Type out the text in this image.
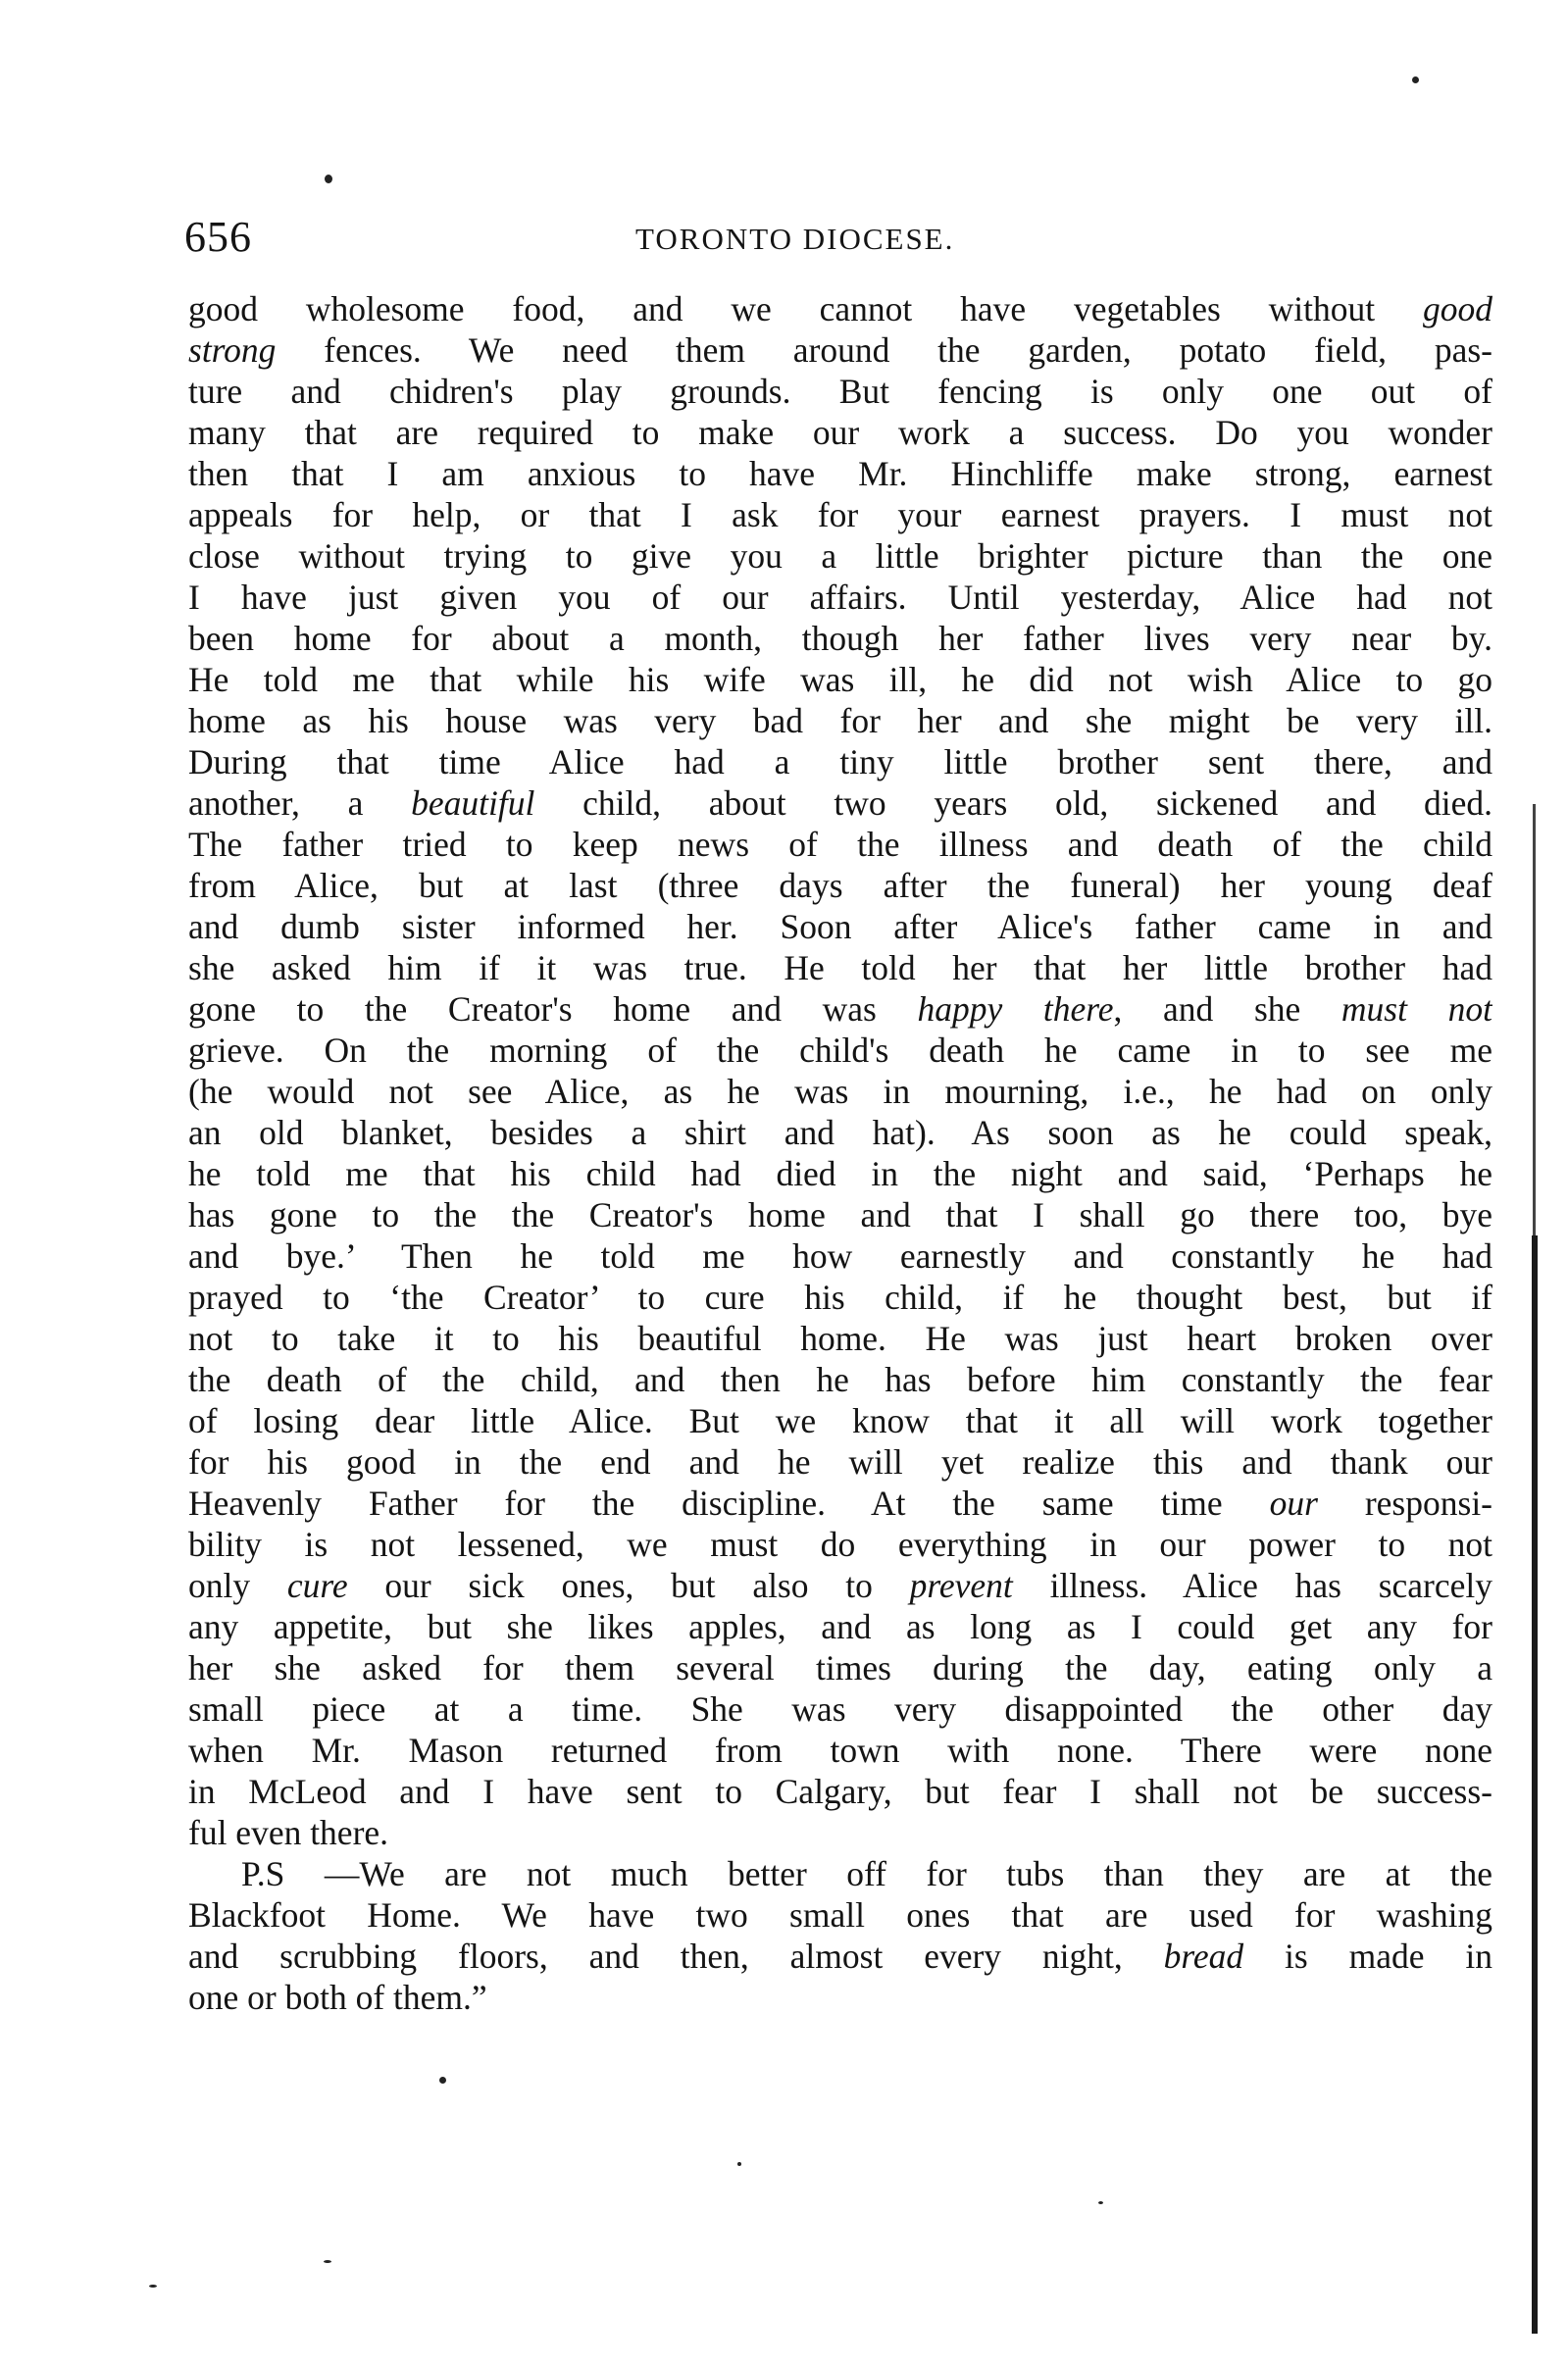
656	TORONTO DIOCESE.
good wholesome food, and we cannot have vegetables without good
strong fences. We need them around the garden, potato field, pas-
ture and chidren's play grounds. But fencing is only one out of
many that are required to make our work a success. Do you wonder
then that I am anxious to have Mr. Hinchliffe make strong, earnest
appeals for help, or that I ask for your earnest prayers. I must not
close without trying to give you a little brighter picture than the one
I have just given you of our affairs. Until yesterday, Alice had not
been home for about a month, though her father lives very near by.
He told me that while his wife was ill, he did not wish Alice to go
home as his house was very bad for her and she might be very ill.
During that time Alice had a tiny little brother sent there, and
another, a beautiful child, about two years old, sickened and died.
The father tried to keep news of the illness and death of the child
from Alice, but at last (three days after the funeral) her young deaf
and dumb sister informed her. Soon after Alice's father came in and
she asked him if it was true. He told her that her little brother had
gone to the Creator's home and was happy there, and she must not
grieve. On the morning of the child's death he came in to see me
(he would not see Alice, as he was in mourning, i.e., he had on only
an old blanket, besides a shirt and hat). As soon as he could speak,
he told me that his child had died in the night and said, ‘Perhaps he
has gone to the the Creator's home and that I shall go there too, bye
and bye.’ Then he told me how earnestly and constantly he had
prayed to ‘the Creator’ to cure his child, if he thought best, but if
not to take it to his beautiful home. He was just heart broken over
the death of the child, and then he has before him constantly the fear
of losing dear little Alice. But we know that it all will work together
for his good in the end and he will yet realize this and thank our
Heavenly Father for the discipline. At the same time our responsi-
bility is not lessened, we must do everything in our power to not
only cure our sick ones, but also to prevent illness. Alice has scarcely
any appetite, but she likes apples, and as long as I could get any for
her she asked for them several times during the day, eating only a
small piece at a time. She was very disappointed the other day
when Mr. Mason returned from town with none. There were none
in McLeod and I have sent to Calgary, but fear I shall not be success-
ful even there.
P.S —We are not much better off for tubs than they are at the
Blackfoot Home. We have two small ones that are used for washing
and scrubbing floors, and then, almost every night, bread is made in
one or both of them.”
